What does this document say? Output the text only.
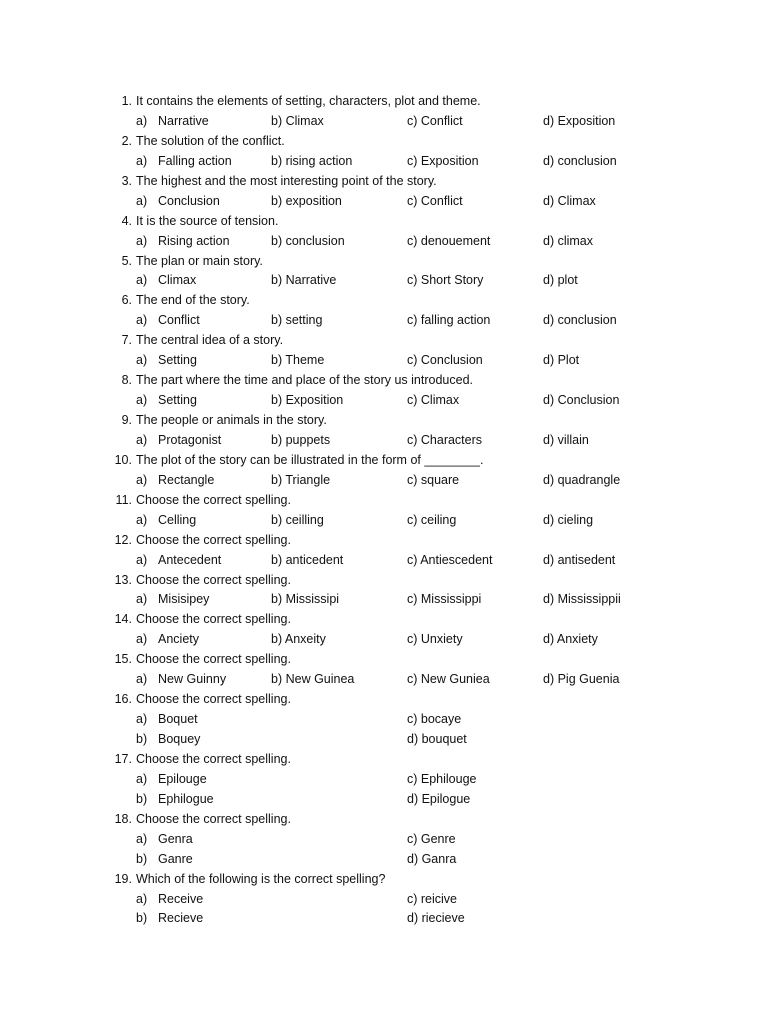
1. It contains the elements of setting, characters, plot and theme.
a) Narrative	b) Climax	c) Conflict	d) Exposition
2. The solution of the conflict.
a) Falling action	b) rising action	c) Exposition	d) conclusion
3. The highest and the most interesting point of the story.
a) Conclusion	b) exposition	c) Conflict	d) Climax
4. It is the source of tension.
a) Rising action	b) conclusion	c) denouement	d) climax
5. The plan or main story.
a) Climax	b) Narrative	c) Short Story	d) plot
6. The end of the story.
a) Conflict	b) setting	c) falling action	d) conclusion
7. The central idea of a story.
a) Setting	b) Theme	c) Conclusion	d) Plot
8. The part where the time and place of the story us introduced.
a) Setting	b) Exposition	c) Climax	d) Conclusion
9. The people or animals in the story.
a) Protagonist	b) puppets	c) Characters	d) villain
10. The plot of the story can be illustrated in the form of ________.
a) Rectangle	b) Triangle	c) square	d) quadrangle
11. Choose the correct spelling.
a) Celling	b) ceilling	c) ceiling	d) cieling
12. Choose the correct spelling.
a) Antecedent	b) anticedent	c) Antiescedent	d) antisedent
13. Choose the correct spelling.
a) Misisipey	b) Mississipi	c) Mississippi	d) Mississippii
14. Choose the correct spelling.
a) Anciety	b) Anxeity	c) Unxiety	d) Anxiety
15. Choose the correct spelling.
a) New Guinny	b) New Guinea	c) New Guniea	d) Pig Guenia
16. Choose the correct spelling.
a) Boquet	c) bocaye
b) Boquey	d) bouquet
17. Choose the correct spelling.
a) Epilouge	c) Ephilouge
b) Ephilogue	d) Epilogue
18. Choose the correct spelling.
a) Genra	c) Genre
b) Ganre	d) Ganra
19. Which of the following is the correct spelling?
a) Receive	c) reicive
b) Recieve	d) riecieve
